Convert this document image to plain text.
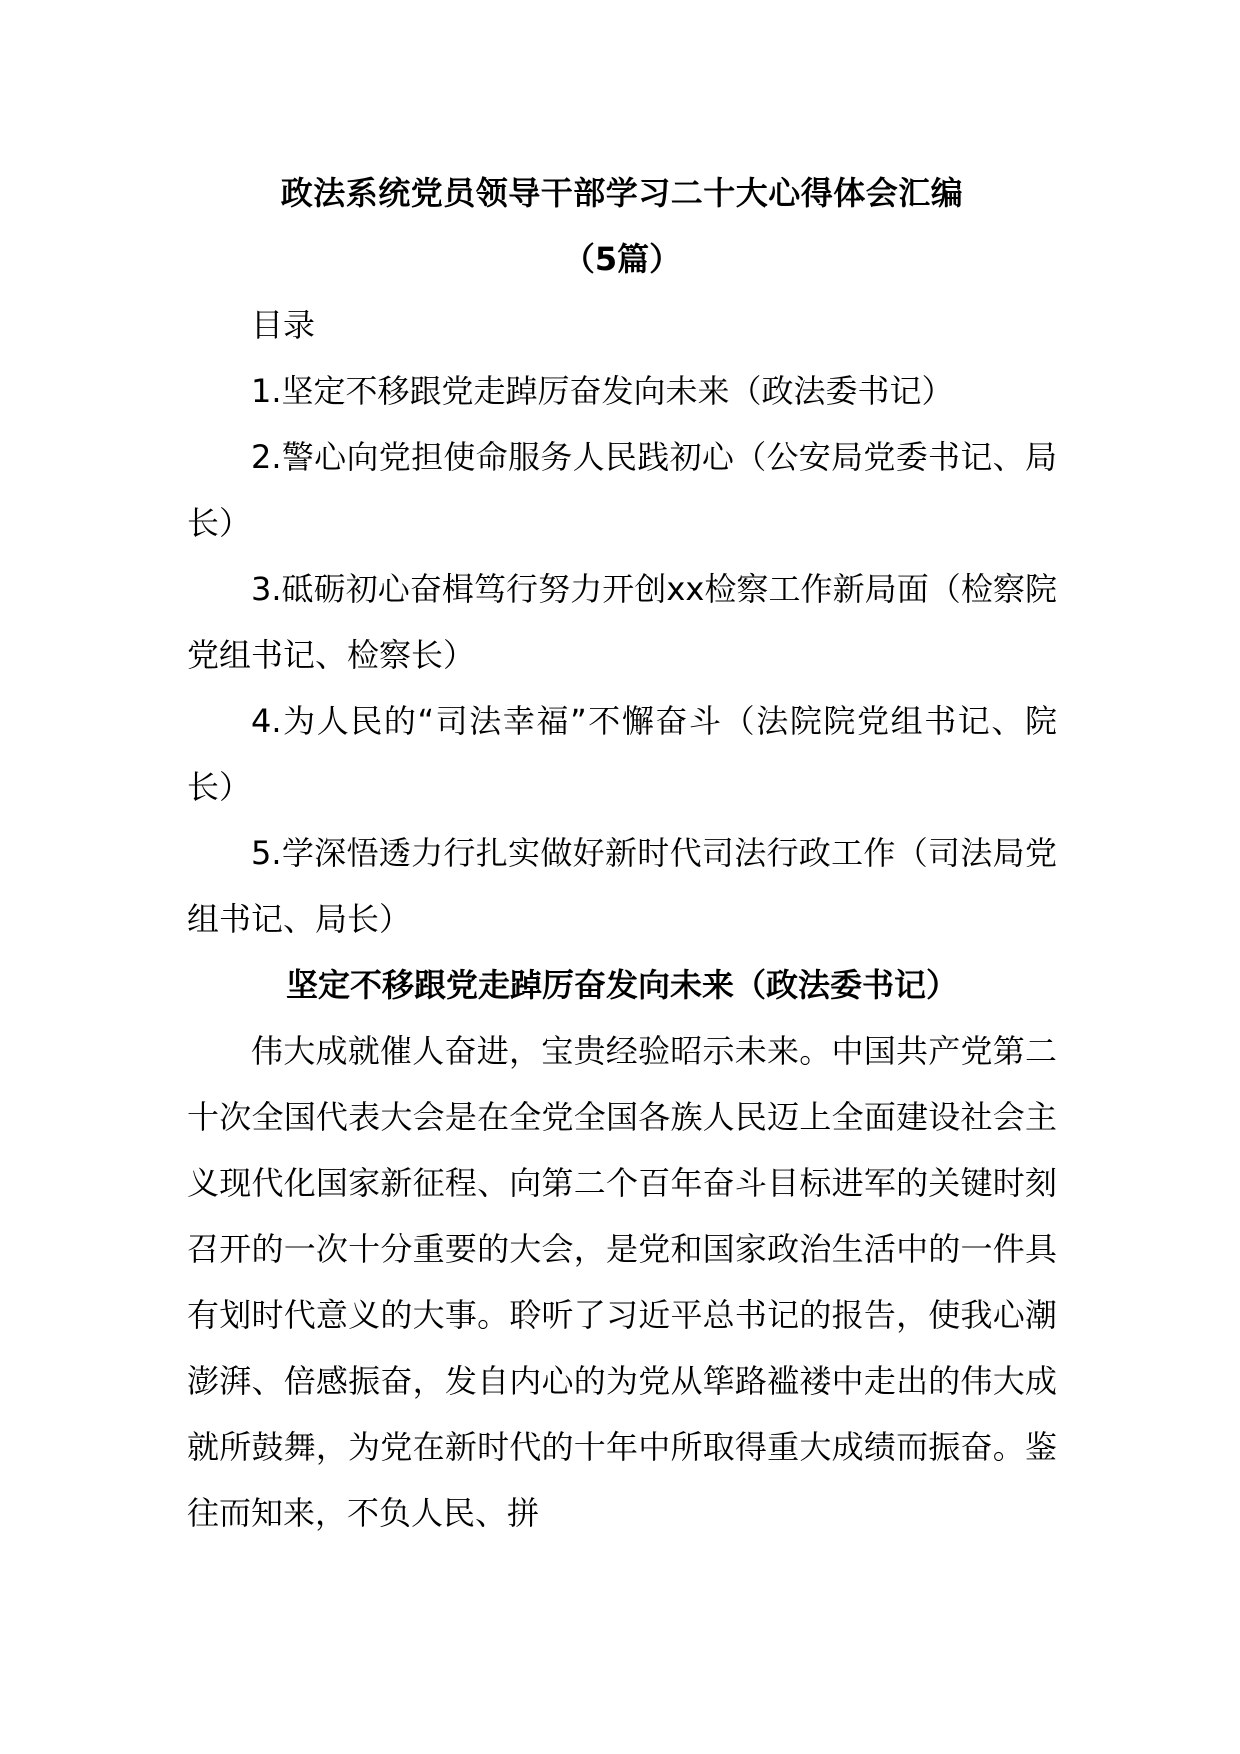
政法系统党员领导干部学习二十大心得体会汇编

（5篇）

目录

1.坚定不移跟党走踔厉奋发向未来（政法委书记）

2.警心向党担使命服务人民践初心（公安局党委书记、局长）

3.砥砺初心奋楫笃行努力开创xx检察工作新局面（检察院党组书记、检察长）

4.为人民的“司法幸福”不懈奋斗（法院院党组书记、院长）

5.学深悟透力行扎实做好新时代司法行政工作（司法局党组书记、局长）

坚定不移跟党走踔厉奋发向未来（政法委书记）

伟大成就催人奋进，宝贵经验昭示未来。中国共产党第二十次全国代表大会是在全党全国各族人民迈上全面建设社会主义现代化国家新征程、向第二个百年奋斗目标进军的关键时刻召开的一次十分重要的大会，是党和国家政治生活中的一件具有划时代意义的大事。聆听了习近平总书记的报告，使我心潮澎湃、倍感振奋，发自内心的为党从筚路褴褛中走出的伟大成就所鼓舞，为党在新时代的十年中所取得重大成绩而振奋。鉴往而知来，不负人民、拼
